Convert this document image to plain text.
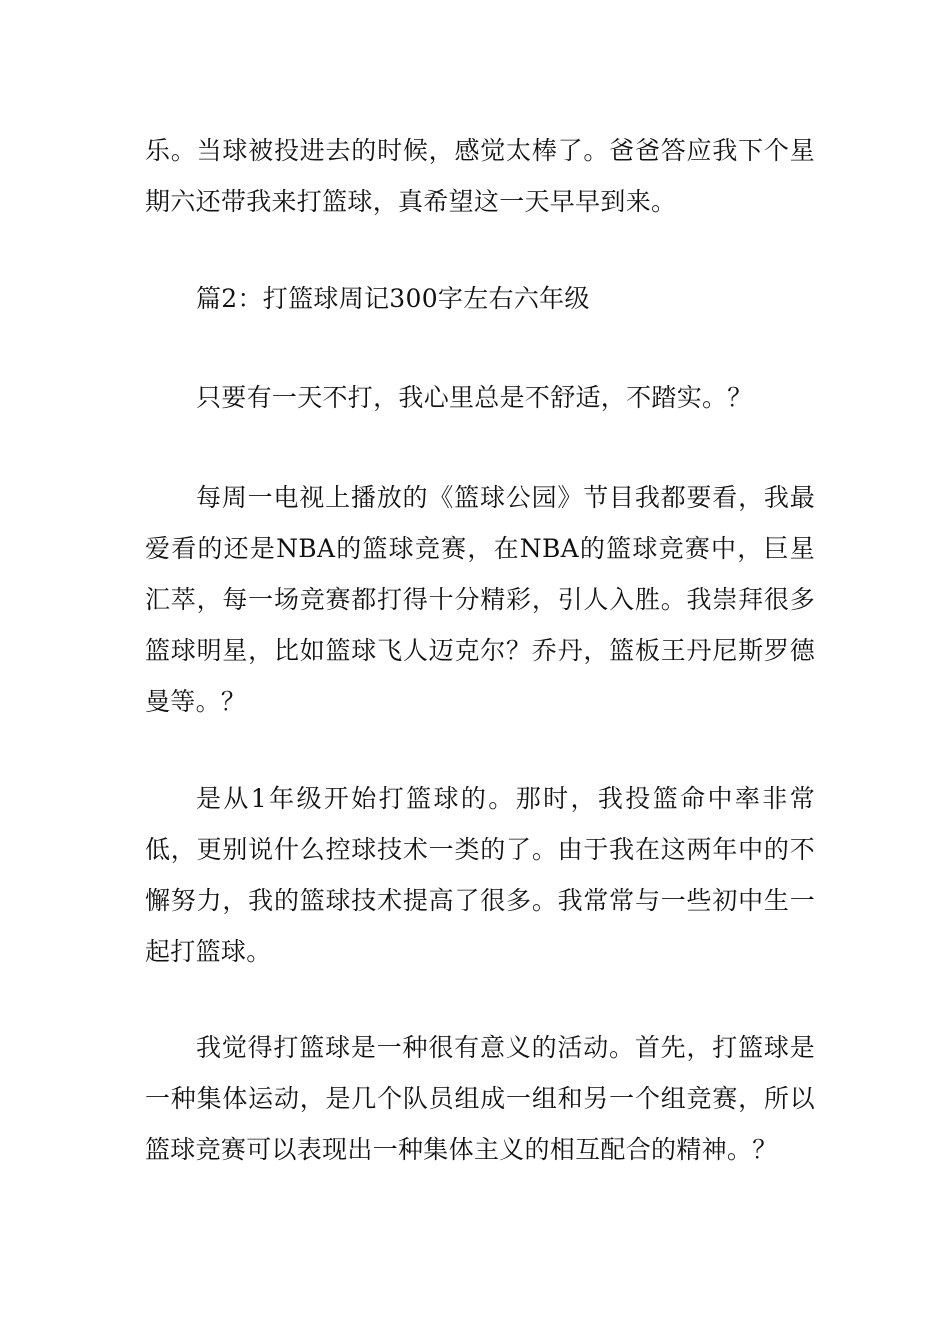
乐。当球被投进去的时候，感觉太棒了。爸爸答应我下个星期六还带我来打篮球，真希望这一天早早到来。

篇2：打篮球周记300字左右六年级

只要有一天不打，我心里总是不舒适，不踏实。？

每周一电视上播放的《篮球公园》节目我都要看，我最爱看的还是NBA的篮球竞赛，在NBA的篮球竞赛中，巨星汇萃，每一场竞赛都打得十分精彩，引人入胜。我崇拜很多篮球明星，比如篮球飞人迈克尔？乔丹，篮板王丹尼斯罗德曼等。？

是从1年级开始打篮球的。那时，我投篮命中率非常低，更别说什么控球技术一类的了。由于我在这两年中的不懈努力，我的篮球技术提高了很多。我常常与一些初中生一起打篮球。

我觉得打篮球是一种很有意义的活动。首先，打篮球是一种集体运动，是几个队员组成一组和另一个组竞赛，所以篮球竞赛可以表现出一种集体主义的相互配合的精神。？
